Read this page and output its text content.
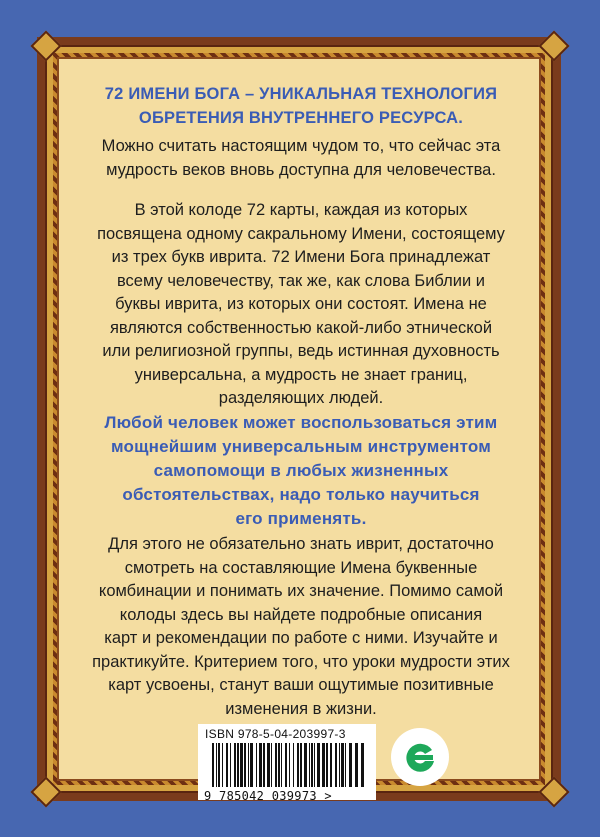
72 ИМЕНИ БОГА – УНИКАЛЬНАЯ ТЕХНОЛОГИЯ
ОБРЕТЕНИЯ ВНУТРЕННЕГО РЕСУРСА.

Можно считать настоящим чудом то, что сейчас эта
мудрость веков вновь доступна для человечества.

В этой колоде 72 карты, каждая из которых
посвящена одному сакральному Имени, состоящему
из трех букв иврита. 72 Имени Бога принадлежат
всему человечеству, так же, как слова Библии и
буквы иврита, из которых они состоят. Имена не
являются собственностью какой-либо этнической
или религиозной группы, ведь истинная духовность
универсальна, а мудрость не знает границ,
разделяющих людей.

Любой человек может воспользоваться этим
мощнейшим универсальным инструментом
самопомощи в любых жизненных
обстоятельствах, надо только научиться
его применять.

Для этого не обязательно знать иврит, достаточно
смотреть на составляющие Имена буквенные
комбинации и понимать их значение. Помимо самой
колоды здесь вы найдете подробные описания
карт и рекомендации по работе с ними. Изучайте и
практикуйте. Критерием того, что уроки мудрости этих
карт усвоены, станут ваши ощутимые позитивные
изменения в жизни.

ISBN 978-5-04-203997-3
9 785042 039973 >
